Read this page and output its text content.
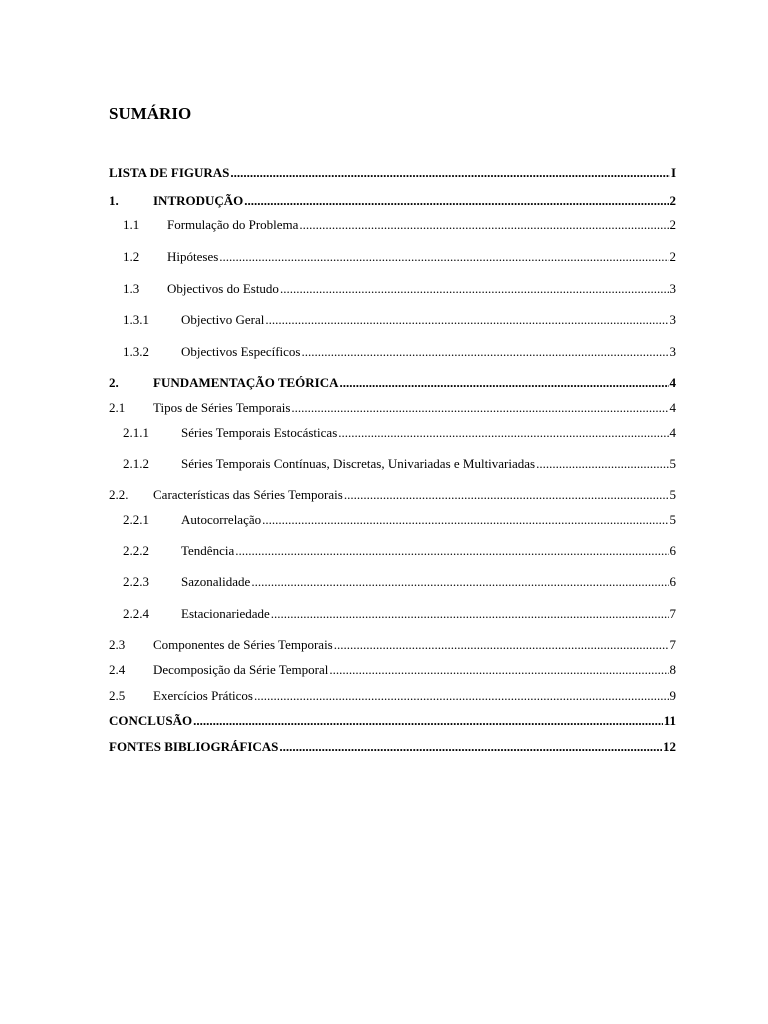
SUMÁRIO
LISTA DE FIGURAS .....	I
1.	INTRODUÇÃO .....	2
1.1	Formulação do Problema .....	2
1.2	Hipóteses .....	2
1.3	Objectivos do Estudo .....	3
1.3.1	Objectivo Geral .....	3
1.3.2	Objectivos Específicos .....	3
2.	FUNDAMENTAÇÃO TEÓRICA .....	4
2.1	Tipos de Séries Temporais .....	4
2.1.1	Séries Temporais Estocásticas .....	4
2.1.2	Séries Temporais Contínuas, Discretas, Univariadas e Multivariadas .....	5
2.2.	Características das Séries Temporais .....	5
2.2.1	Autocorrelação .....	5
2.2.2	Tendência .....	6
2.2.3	Sazonalidade .....	6
2.2.4	Estacionariedade .....	7
2.3	Componentes de Séries Temporais .....	7
2.4	Decomposição da Série Temporal .....	8
2.5	Exercícios Práticos .....	9
CONCLUSÃO .....	11
FONTES BIBLIOGRÁFICAS .....	12
